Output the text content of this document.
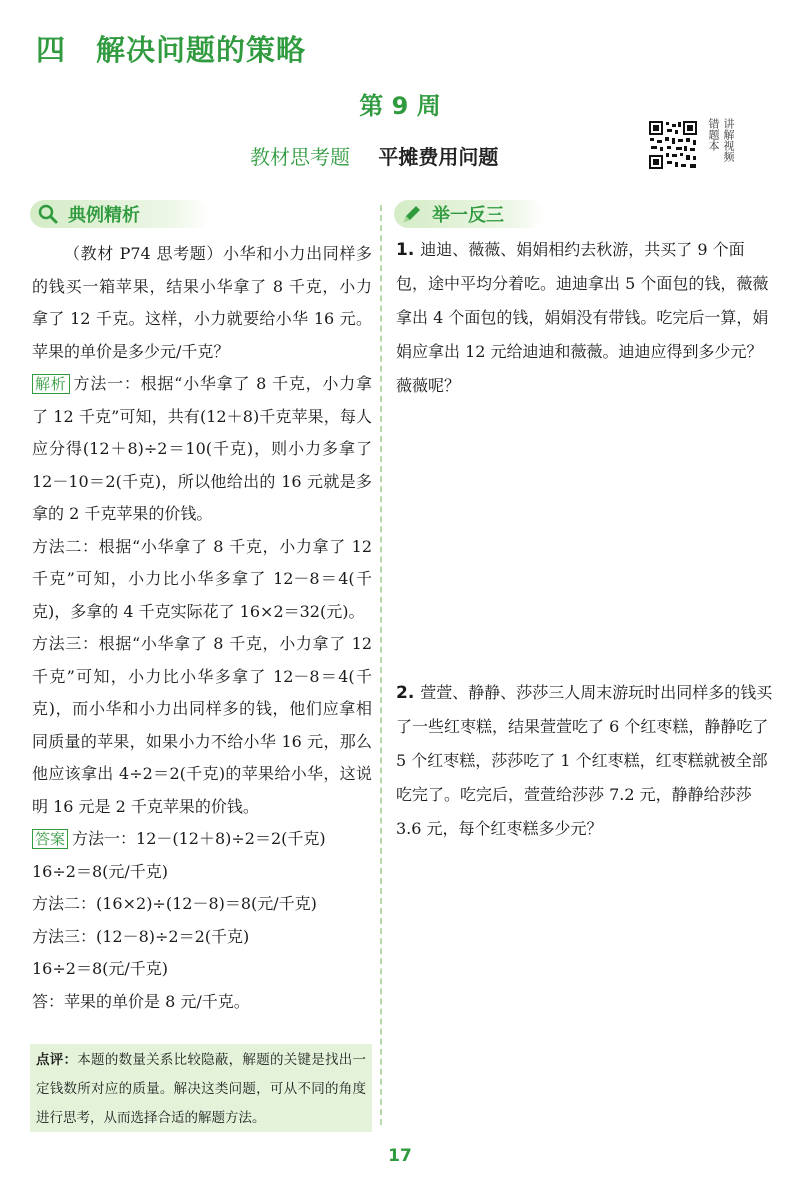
四　解决问题的策略
第 9 周
教材思考题 平摊费用问题	讲解视频
错题本
典例精析	举一反三

（教材 P74 思考题）小华和小力出同样多的钱买一箱苹果，结果小华拿了 8 千克，小力拿了 12 千克。这样，小力就要给小华 16 元。苹果的单价是多少元/千克？

解析 方法一：根据“小华拿了 8 千克，小力拿了 12 千克”可知，共有(12＋8)千克苹果，每人应分得(12＋8)÷2＝10(千克)，则小力多拿了 12－10＝2(千克)，所以他给出的 16 元就是多拿的 2 千克苹果的价钱。

方法二：根据“小华拿了 8 千克，小力拿了 12 千克”可知，小力比小华多拿了 12－8＝4(千克)，多拿的 4 千克实际花了 16×2＝32(元)。

方法三：根据“小华拿了 8 千克，小力拿了 12 千克”可知，小力比小华多拿了 12－8＝4(千克)，而小华和小力出同样多的钱，他们应拿相同质量的苹果，如果小力不给小华 16 元，那么他应该拿出 4÷2＝2(千克)的苹果给小华，这说明 16 元是 2 千克苹果的价钱。

答案 方法一：12－(12＋8)÷2＝2(千克)

16÷2＝8(元/千克)

方法二：(16×2)÷(12－8)＝8(元/千克)

方法三：(12－8)÷2＝2(千克)

16÷2＝8(元/千克)

答：苹果的单价是 8 元/千克。

点评：本题的数量关系比较隐蔽，解题的关键是找出一定钱数所对应的质量。解决这类问题，可从不同的角度进行思考，从而选择合适的解题方法。
1. 迪迪、薇薇、娟娟相约去秋游，共买了 9 个面包，途中平均分着吃。迪迪拿出 5 个面包的钱，薇薇拿出 4 个面包的钱，娟娟没有带钱。吃完后一算，娟娟应拿出 12 元给迪迪和薇薇。迪迪应得到多少元？薇薇呢？
2. 萱萱、静静、莎莎三人周末游玩时出同样多的钱买了一些红枣糕，结果萱萱吃了 6 个红枣糕，静静吃了 5 个红枣糕，莎莎吃了 1 个红枣糕，红枣糕就被全部吃完了。吃完后，萱萱给莎莎 7.2 元，静静给莎莎 3.6 元，每个红枣糕多少元？
17
